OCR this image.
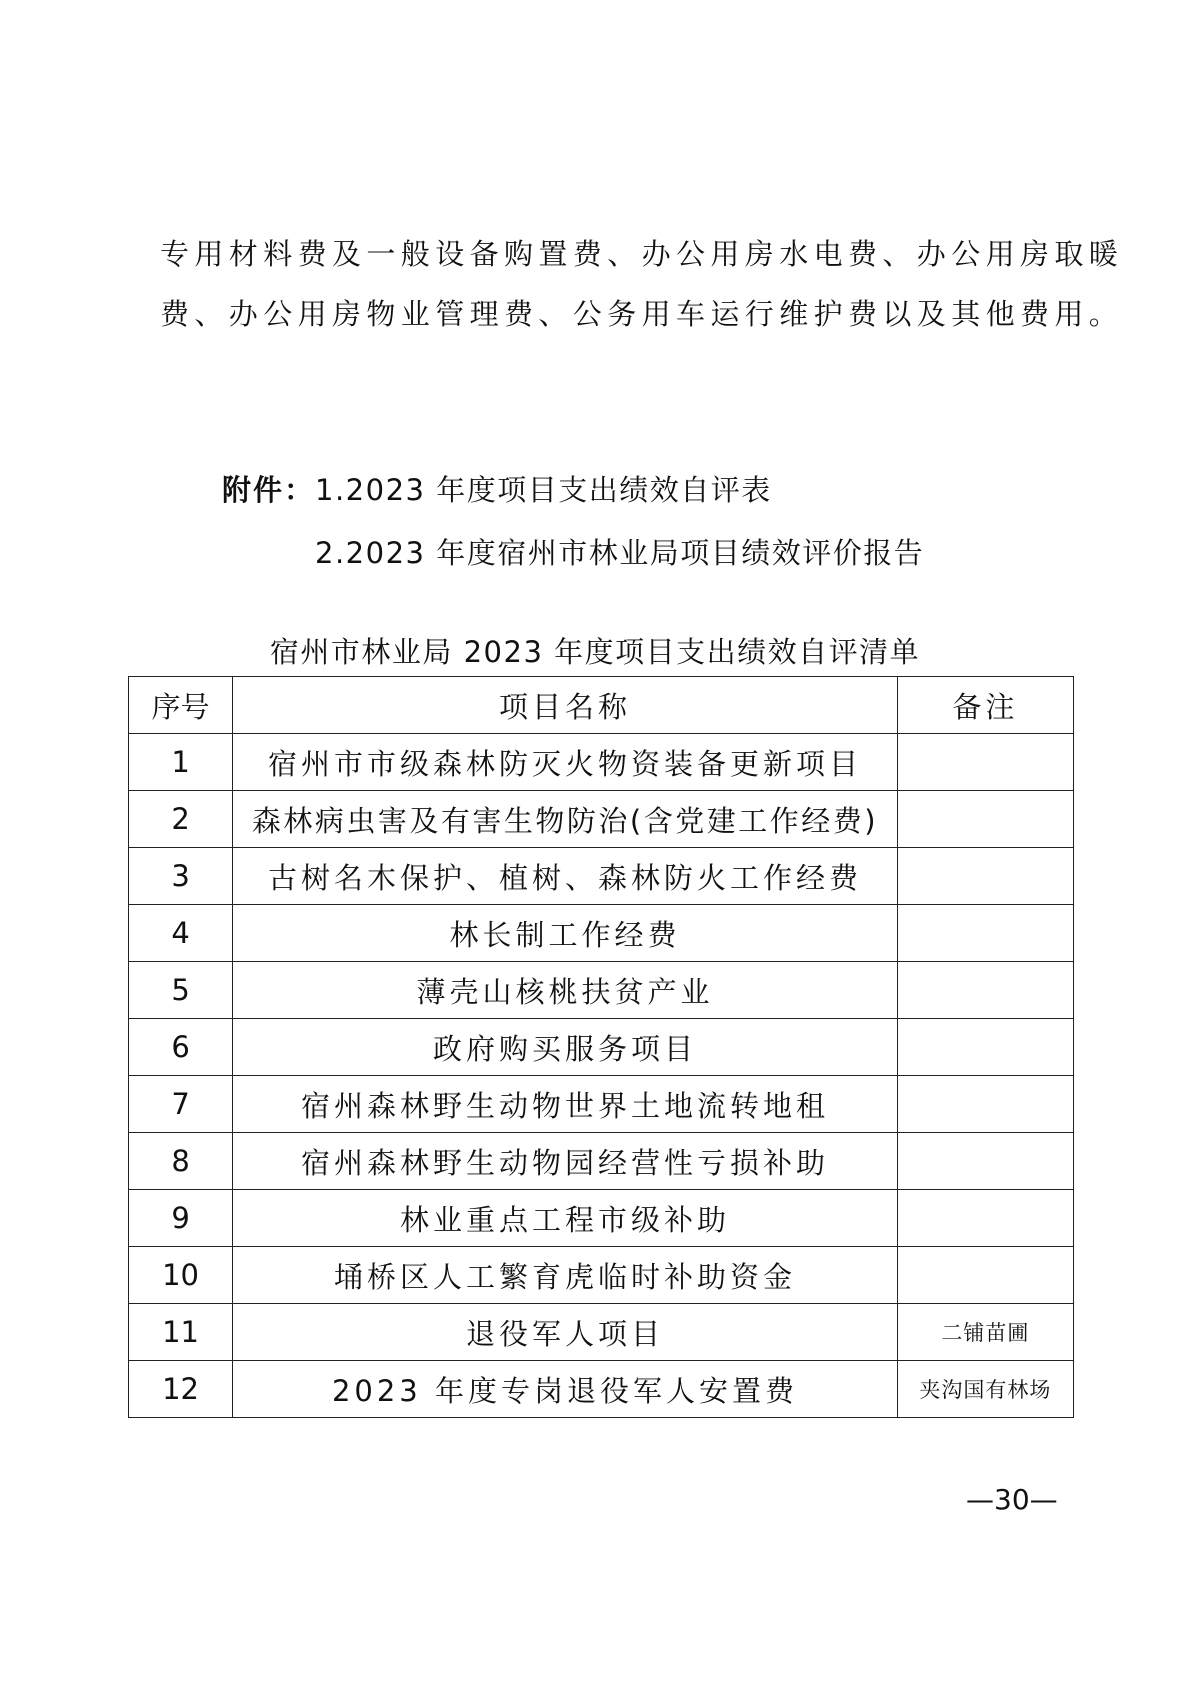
专用材料费及一般设备购置费、办公用房水电费、办公用房取暖
费、办公用房物业管理费、公务用车运行维护费以及其他费用。
附件：1.2023 年度项目支出绩效自评表
2.2023 年度宿州市林业局项目绩效评价报告
宿州市林业局 2023 年度项目支出绩效自评清单
序号	项目名称	备注
1	宿州市市级森林防灭火物资装备更新项目	
2	森林病虫害及有害生物防治(含党建工作经费)	
3	古树名木保护、植树、森林防火工作经费	
4	林长制工作经费	
5	薄壳山核桃扶贫产业	
6	政府购买服务项目	
7	宿州森林野生动物世界土地流转地租	
8	宿州森林野生动物园经营性亏损补助	
9	林业重点工程市级补助	
10	埇桥区人工繁育虎临时补助资金	
11	退役军人项目	二铺苗圃
12	2023 年度专岗退役军人安置费	夹沟国有林场
—30—
